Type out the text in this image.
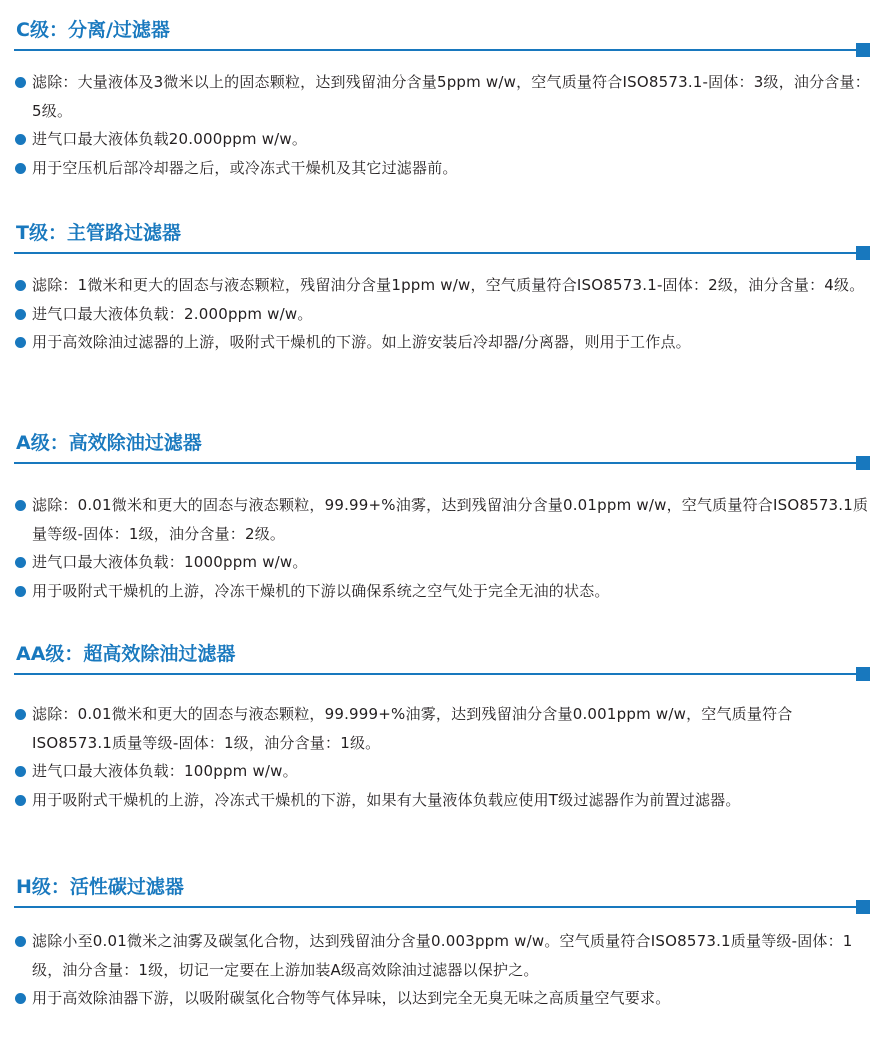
C级：分离/过滤器
滤除：大量液体及3微米以上的固态颗粒，达到残留油分含量5ppm w/w，空气质量符合ISO8573.1-固体：3级，油分含量：5级。
进气口最大液体负载20.000ppm w/w。
用于空压机后部冷却器之后，或冷冻式干燥机及其它过滤器前。
T级：主管路过滤器
滤除：1微米和更大的固态与液态颗粒，残留油分含量1ppm w/w，空气质量符合ISO8573.1-固体：2级，油分含量：4级。
进气口最大液体负载：2.000ppm w/w。
用于高效除油过滤器的上游，吸附式干燥机的下游。如上游安装后冷却器/分离器，则用于工作点。
A级：高效除油过滤器
滤除：0.01微米和更大的固态与液态颗粒，99.99+%油雾，达到残留油分含量0.01ppm w/w，空气质量符合ISO8573.1质量等级-固体：1级，油分含量：2级。
进气口最大液体负载：1000ppm w/w。
用于吸附式干燥机的上游，冷冻干燥机的下游以确保系统之空气处于完全无油的状态。
AA级：超高效除油过滤器
滤除：0.01微米和更大的固态与液态颗粒，99.999+%油雾，达到残留油分含量0.001ppm w/w，空气质量符合ISO8573.1质量等级-固体：1级，油分含量：1级。
进气口最大液体负载：100ppm w/w。
用于吸附式干燥机的上游，冷冻式干燥机的下游，如果有大量液体负载应使用T级过滤器作为前置过滤器。
H级：活性碳过滤器
滤除小至0.01微米之油雾及碳氢化合物，达到残留油分含量0.003ppm w/w。空气质量符合ISO8573.1质量等级-固体：1级，油分含量：1级，切记一定要在上游加装A级高效除油过滤器以保护之。
用于高效除油器下游，以吸附碳氢化合物等气体异味，以达到完全无臭无味之高质量空气要求。
